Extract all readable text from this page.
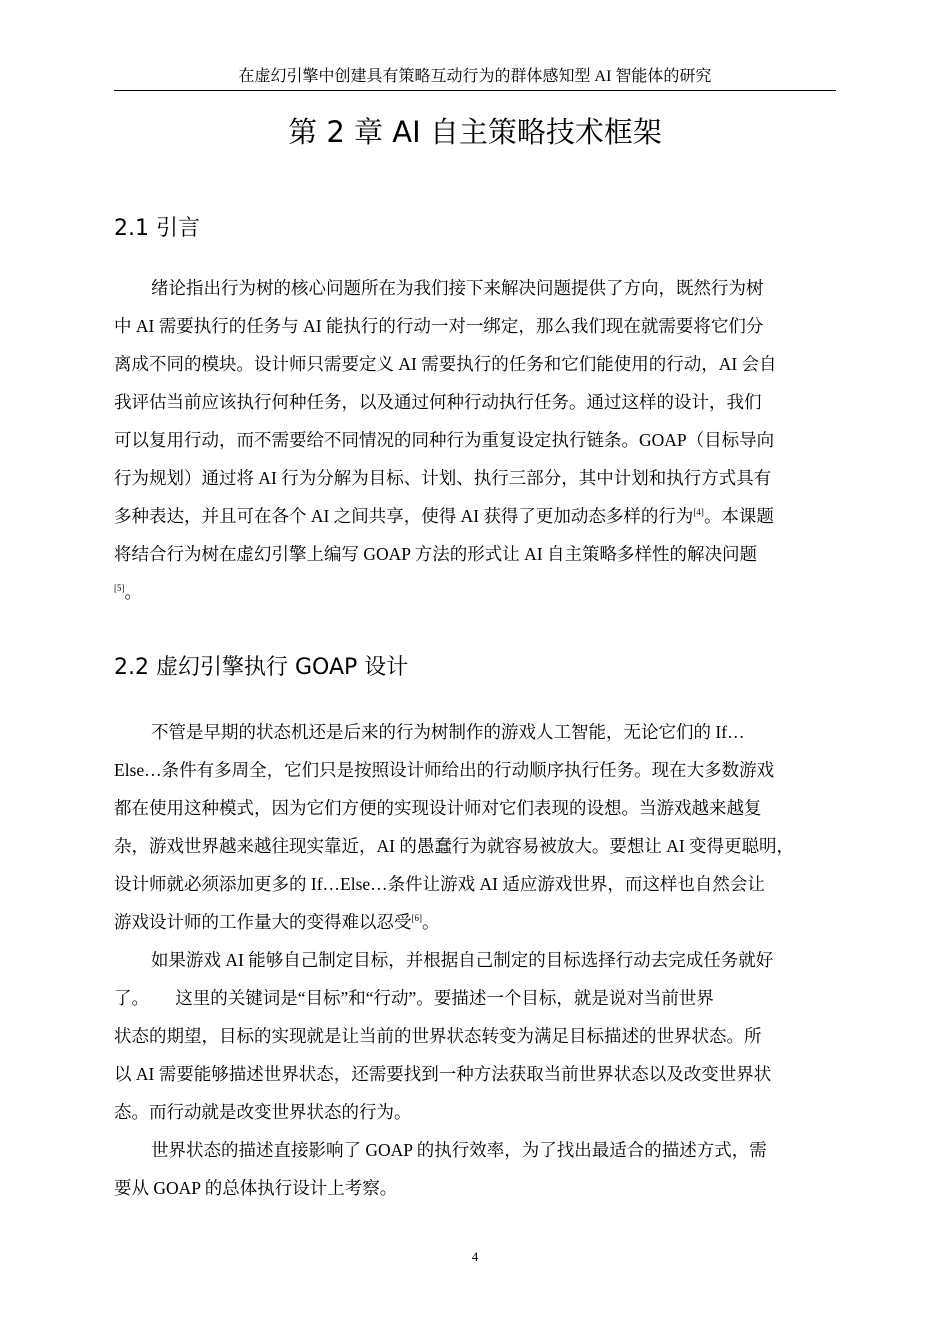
在虚幻引擎中创建具有策略互动行为的群体感知型 AI 智能体的研究
第 2 章 AI 自主策略技术框架
2.1 引言
绪论指出行为树的核心问题所在为我们接下来解决问题提供了方向，既然行为树
中 AI 需要执行的任务与 AI 能执行的行动一对一绑定，那么我们现在就需要将它们分
离成不同的模块。设计师只需要定义 AI 需要执行的任务和它们能使用的行动，AI 会自
我评估当前应该执行何种任务，以及通过何种行动执行任务。通过这样的设计，我们
可以复用行动，而不需要给不同情况的同种行为重复设定执行链条。GOAP（目标导向
行为规划）通过将 AI 行为分解为目标、计划、执行三部分，其中计划和执行方式具有
多种表达，并且可在各个 AI 之间共享，使得 AI 获得了更加动态多样的行为[4]。本课题
将结合行为树在虚幻引擎上编写 GOAP 方法的形式让 AI 自主策略多样性的解决问题
[5]。
2.2 虚幻引擎执行 GOAP 设计
不管是早期的状态机还是后来的行为树制作的游戏人工智能，无论它们的 If…
Else…条件有多周全，它们只是按照设计师给出的行动顺序执行任务。现在大多数游戏
都在使用这种模式，因为它们方便的实现设计师对它们表现的设想。当游戏越来越复
杂，游戏世界越来越往现实靠近，AI 的愚蠢行为就容易被放大。要想让 AI 变得更聪明，
设计师就必须添加更多的 If…Else…条件让游戏 AI 适应游戏世界，而这样也自然会让
游戏设计师的工作量大的变得难以忍受[6]。
如果游戏 AI 能够自己制定目标，并根据自己制定的目标选择行动去完成任务就好
了。　　这里的关键词是“目标”和“行动”。要描述一个目标，就是说对当前世界
状态的期望，目标的实现就是让当前的世界状态转变为满足目标描述的世界状态。所
以 AI 需要能够描述世界状态，还需要找到一种方法获取当前世界状态以及改变世界状
态。而行动就是改变世界状态的行为。
世界状态的描述直接影响了 GOAP 的执行效率，为了找出最适合的描述方式，需
要从 GOAP 的总体执行设计上考察。
4
